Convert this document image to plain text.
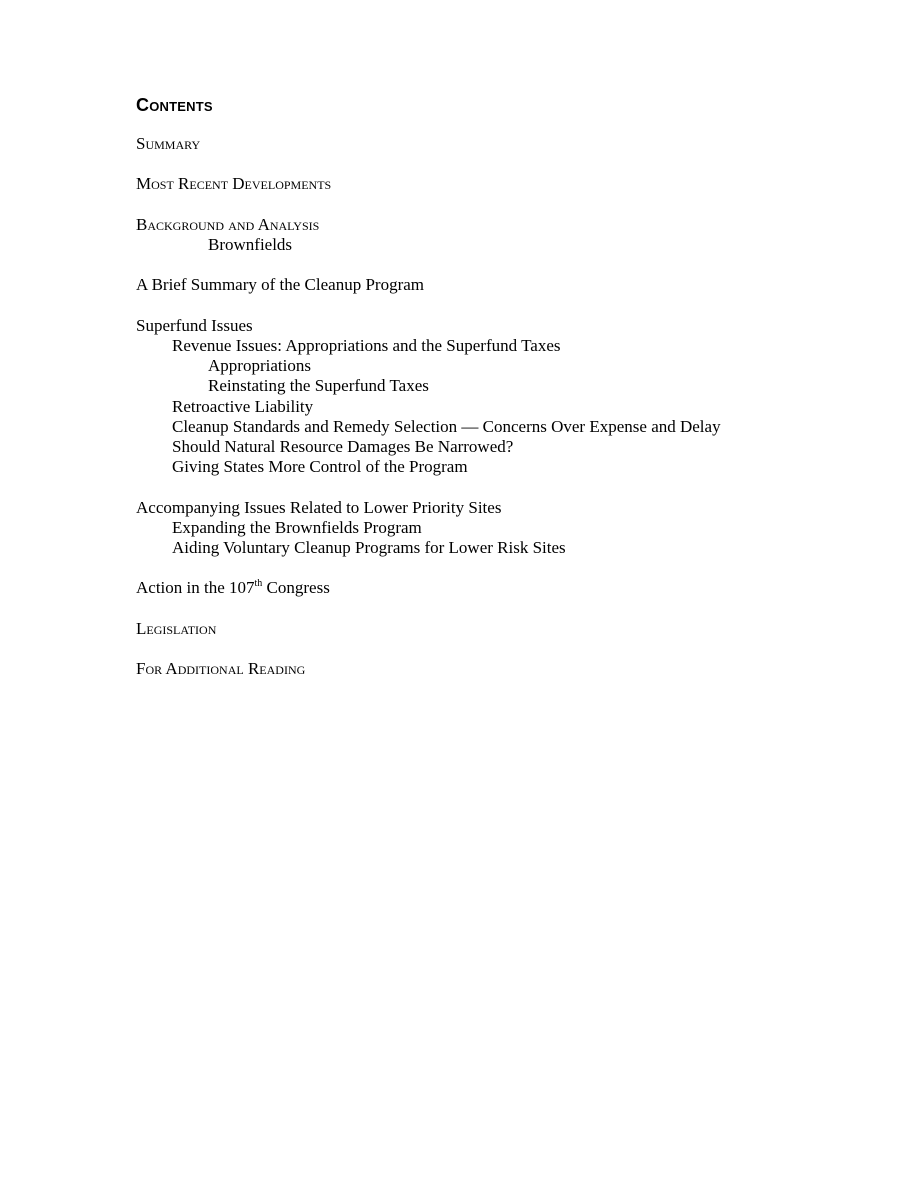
Contents

Summary

Most Recent Developments

Background and Analysis

Brownfields

A Brief Summary of the Cleanup Program

Superfund Issues

Revenue Issues: Appropriations and the Superfund Taxes

Appropriations

Reinstating the Superfund Taxes

Retroactive Liability

Cleanup Standards and Remedy Selection — Concerns Over Expense and Delay

Should Natural Resource Damages Be Narrowed?

Giving States More Control of the Program

Accompanying Issues Related to Lower Priority Sites

Expanding the Brownfields Program

Aiding Voluntary Cleanup Programs for Lower Risk Sites

Action in the 107th Congress

Legislation

For Additional Reading
